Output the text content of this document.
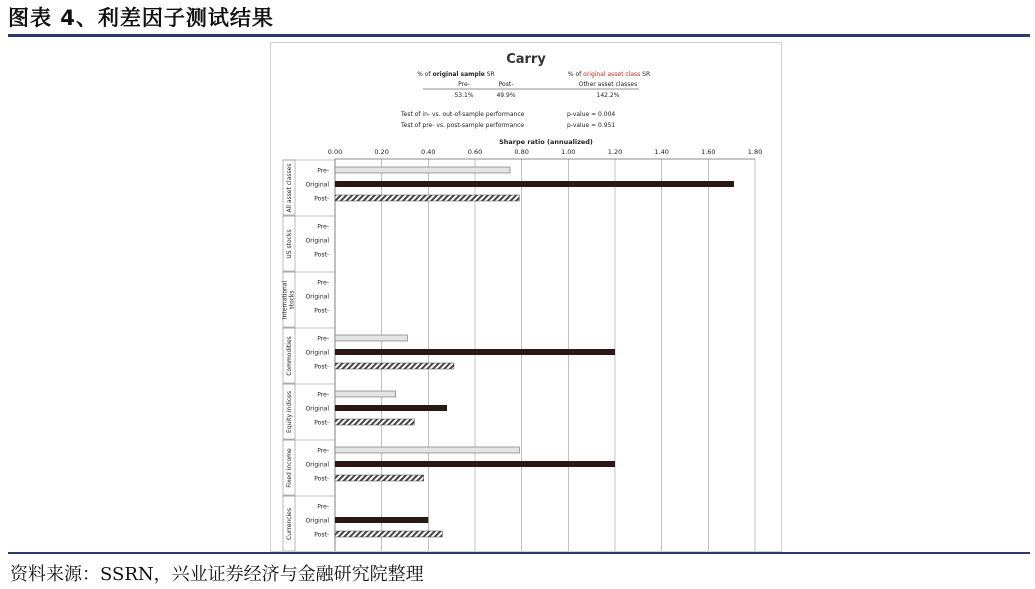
图表 4、利差因子测试结果
Carry
% of original sample SR	% of original asset class SR
Pre-	Post-	Other asset classes
53.1%	49.9%	142.2%
Test of in- vs. out-of-sample performance	p-value = 0.004
Test of pre- vs. post-sample performance	p-value = 0.951
Sharpe ratio (annualized)
0.00	0.20	0.40	0.60	0.80	1.00	1.20	1.40	1.60	1.80
All asset classes	Pre-
Original
Post-
US stocks
Pre-
Original
Post-
Internationalstocks
Pre-
Original
Post-
Commodities	Pre-
Original
Post-
Equity indices	Pre-
Original
Post-
Fixed income	Pre-
Original
Post-
Currencies
Pre-
Original
Post-

资料来源：SSRN，兴业证券经济与金融研究院整理
